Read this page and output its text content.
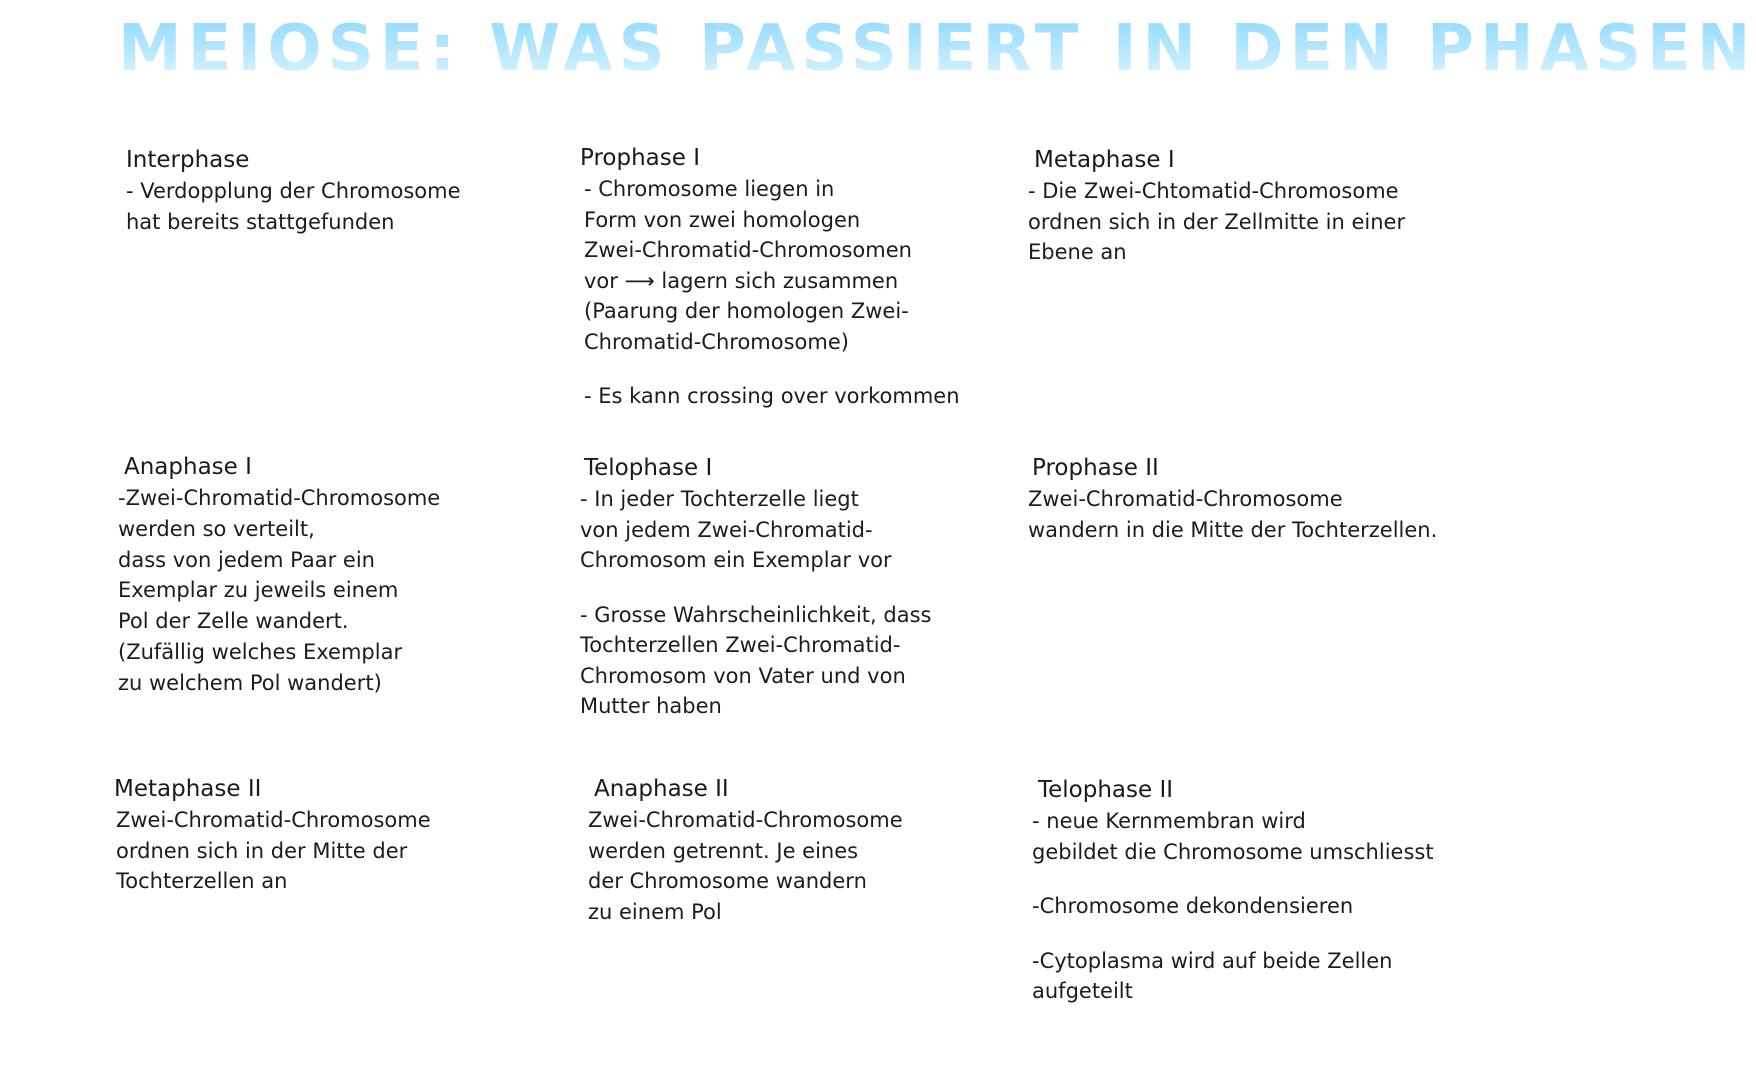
MEIOSE: WAS PASSIERT IN DEN PHASEN
Interphase

- Verdopplung der Chromosome
hat bereits stattgefunden

Prophase I

- Chromosome liegen in
Form von zwei homologen
Zwei-Chromatid-Chromosomen
vor ⟶ lagern sich zusammen
(Paarung der homologen Zwei-
Chromatid-Chromosome)

- Es kann crossing over vorkommen

Metaphase I

- Die Zwei-Chtomatid-Chromosome
ordnen sich in der Zellmitte in einer
Ebene an

Anaphase I

-Zwei-Chromatid-Chromosome
werden so verteilt,
dass von jedem Paar ein
Exemplar zu jeweils einem
Pol der Zelle wandert.
(Zufällig welches Exemplar
zu welchem Pol wandert)

Telophase I

- In jeder Tochterzelle liegt
von jedem Zwei-Chromatid-
Chromosom ein Exemplar vor

- Grosse Wahrscheinlichkeit, dass
Tochterzellen Zwei-Chromatid-
Chromosom von Vater und von
Mutter haben

Prophase II

Zwei-Chromatid-Chromosome
wandern in die Mitte der Tochterzellen.

Metaphase II

Zwei-Chromatid-Chromosome
ordnen sich in der Mitte der
Tochterzellen an

Anaphase II

Zwei-Chromatid-Chromosome
werden getrennt. Je eines
der Chromosome wandern
zu einem Pol

Telophase II

- neue Kernmembran wird
gebildet die Chromosome umschliesst

-Chromosome dekondensieren

-Cytoplasma wird auf beide Zellen
aufgeteilt
